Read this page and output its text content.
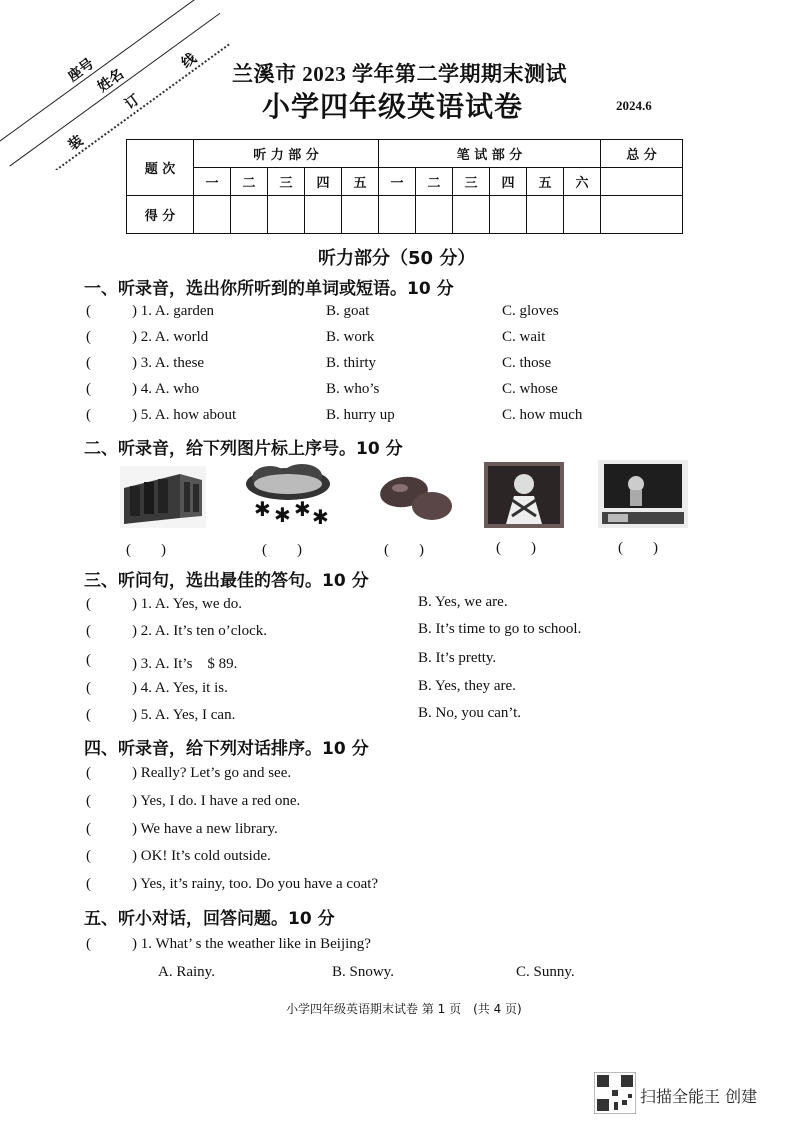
座号
姓名
装
订
线
兰溪市 2023 学年第二学期期末测试
小学四年级英语试卷	2024.6
题 次	听 力 部 分					笔 试 部 分						总 分
	一	二	三	四	五	一	二	三	四	五	六	
得 分												
听力部分（50 分）
一、听录音，选出你所听到的单词或短语。10 分
(	) 1. A. garden	B. goat	C. gloves
(	) 2. A. world	B. work	C. wait
(	) 3. A. these	B. thirty	C. those
(	) 4. A. who	B. who’s	C. whose
(	) 5. A. how about	B. hurry up	C. how much
二、听录音，给下列图片标上序号。10 分
✱ ✱ ✱ ✱
(　　)	(　　)	(　　)	(　　)	(　　)
三、听问句，选出最佳的答句。10 分
(	) 1. A. Yes, we do.	B. Yes, we are.
(	) 2. A. It’s ten o’clock.	B. It’s time to go to school.
(	) 3. A. It’s　$ 89.	B. It’s pretty.
(	) 4. A. Yes, it is.	B. Yes, they are.
(	) 5. A. Yes, I can.	B. No, you can’t.
四、听录音，给下列对话排序。10 分
(	) Really? Let’s go and see.
(	) Yes, I do. I have a red one.
(	) We have a new library.
(	) OK! It’s cold outside.
(	) Yes, it’s rainy, too. Do you have a coat?
五、听小对话，回答问题。10 分
(	) 1. What’ s the weather like in Beijing?
A. Rainy.	B. Snowy.	C. Sunny.
小学四年级英语期末试卷 第 1 页　(共 4 页)
扫描全能王 创建
